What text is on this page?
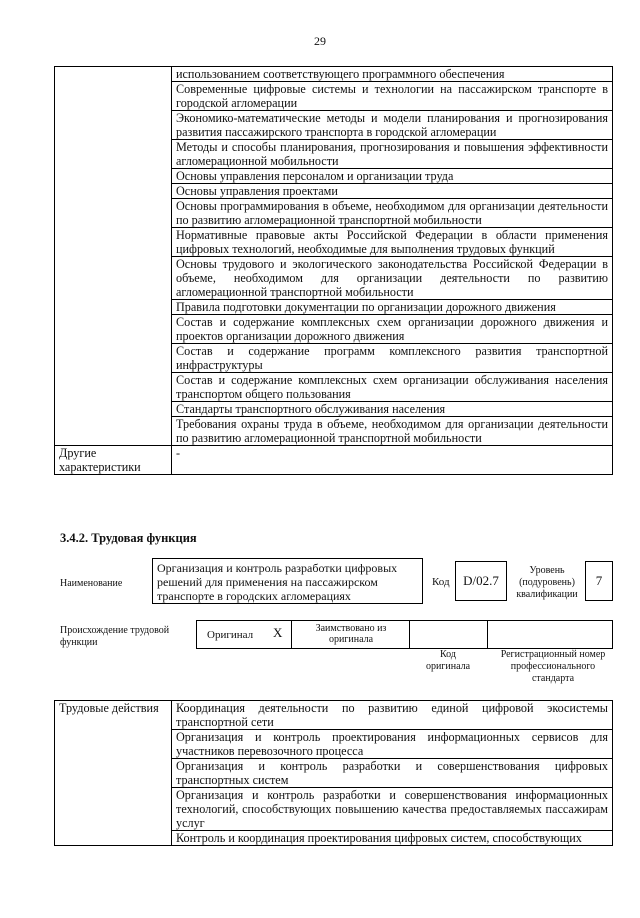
29
	использованием соответствующего программного обеспечения
	Современные цифровые системы и технологии на пассажирском транспорте в городской агломерации
	Экономико-математические методы и модели планирования и прогнозирования развития пассажирского транспорта в городской агломерации
	Методы и способы планирования, прогнозирования и повышения эффективности агломерационной мобильности
	Основы управления персоналом и организации труда
	Основы управления проектами
	Основы программирования в объеме, необходимом для организации деятельности по развитию агломерационной транспортной мобильности
	Нормативные правовые акты Российской Федерации в области применения цифровых технологий, необходимые для выполнения трудовых функций
	Основы трудового и экологического законодательства Российской Федерации в объеме, необходимом для организации деятельности по развитию агломерационной транспортной мобильности
	Правила подготовки документации по организации дорожного движения
	Состав и содержание комплексных схем организации дорожного движения и проектов организации дорожного движения
	Состав и содержание программ комплексного развития транспортной инфраструктуры
	Состав и содержание комплексных схем организации обслуживания населения транспортом общего пользования
	Стандарты транспортного обслуживания населения
	Требования охраны труда в объеме, необходимом для организации деятельности по развитию агломерационной транспортной мобильности
Другие характеристики	-
3.4.2. Трудовая функция
Наименование
Организация и контроль разработки цифровых решений для применения на пассажирском транспорте в городских агломерациях
Код	D/02.7
Уровень (подуровень) квалификации
7
Происхождение трудовой функции
Оригинал X	Заимствовано из оригинала
Код оригинала
Регистрационный номер профессионального стандарта
Трудовые действия	Координация деятельности по развитию единой цифровой экосистемы транспортной сети
Организация и контроль проектирования информационных сервисов для участников перевозочного процесса
Организация и контроль разработки и совершенствования цифровых транспортных систем
Организация и контроль разработки и совершенствования информационных технологий, способствующих повышению качества предоставляемых пассажирам услуг
Контроль и координация проектирования цифровых систем, способствующих
